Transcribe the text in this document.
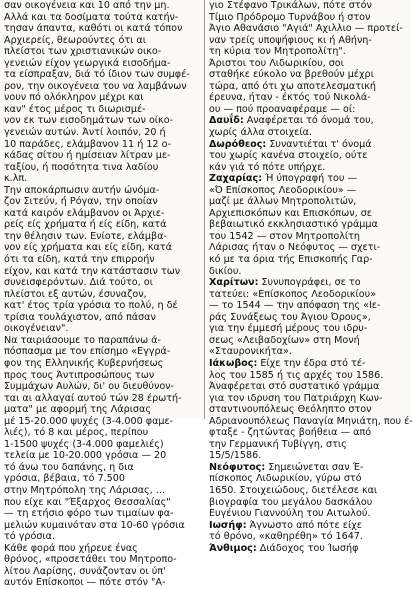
σαν οικογένεια και 10 από την μη.
Αλλά και τα δοσίματα τούτα κατήν-
τησαν άπαντα, καθότι οι κατά τόπον
Αρχιερείς, θεωρούντες ότι αι
πλείστοι των χριστιανικών οικο-
γενειών είχον γεωργικά εισοδήμα-
τα είσπραξαν, διά τό ίδιον των συμφέ-
ρον, την οικογένεια του να λαμβάνων
νουν πό ολόκληρον μέχρι και
καν" έτος μέρος τι διωρισμέ-
νον εκ των εισοδημάτων των οίκο-
γενειών αυτών. Άντί λοιπόν, 20 ή
10 παράδες, ελάμβανον 11 ή 12 ο-
κάδας σίτου ή ημίσειαν λίτραν με-
ταξίου, ή ποσότητα τινα λαδίου
κ.λπ.
Την αποκάρπωσιν αυτήν ώνόμα-
ζον Σιτεύν, ή Ρόγαν, την οποίαν
κατά καιρόν ελάμβανον οι Άρχιε-
ρείς είς χρήματα ή είς είδη, κατά
την θέλησιν των. Ενίοτε, ελάμβα-
νον είς χρήματα και είς είδη, κατά
ότι τα είδη, κατά την επιρροήν
είχον, και κατά την κατάστασιν των
συνεισφερόντων. Διά τούτο, οι
πλείστοι εξ αυτών, έσυναζον,
κατ' έτος τρία γρόσια το πολύ, η δέ
τρίσια τουλάχιστον, από πάσαν
οικογένειαν".
Να ταιριάσουμε το παραπάνω ά-
πόσπασμα με τον επίσημο «Εγγρά-
φον της Ελληνικής Κυβερνήσεως
προς τους Άντιπροσώπους των
Συμμάχων Αυλών, δι' ου διευθύνον-
ται αι αλλαγαί αυτού τών 28 έρωτή-
ματα" με αφορμή της Λάρισας
μέ 15-20.000 ψυχές (3-4.000 φαμε-
λιές), τό 8 και μέρος, περίπου
1-1500 ψυχές (3-4.000 φαμελιές)
τελεία με 10-20.000 γρόσια — 20
τό άνω του δαπάνης, η δια
γρόσια, βέβαια, τό 7.500
στην Μητρόπολη της Λάρισας, ...
που είχε και "Έξαρχος Θεσσαλίας"
— τη ετήσιο φόρο των τιμαίων φα-
μελιών κυμαινόταν στα 10-60 γρόσια
τό γρόσια.
Κάθε φορά που χήρευε ένας
θρόνος, «προσετάθει του Μητροπο-
λίτου Λαρίσης, συνάζονταν οι ύπ'
αυτόν Επίσκοποι — πότε στόν "Α-
γιο Στέφανο Τρικάλων, πότε στόν
Τίμιο Πρόδρομο Τυρνάβου ή στον
Άγιο Αθανάσιο "Αγιά" Αχιλλιο — προτεί-
ναν τρείς υποψήφιους κι ή Αθήνη-
τη κύρια τον Μητροπολίτη".
Άριστοι του Λιδωρικίου, σοι
σταθήκε εύκολο να βρεθούν μέχρι
τώρα, από ότι χω αποτελεσματική
έρευνα, ήταν - έκτός τού Νικολά-
ου — πού προαναφέραμε — οί:
Δαυΐδ: Αναφέρεται τό όνομά του,
χωρίς άλλα στοιχεία.
Δωρόθεος: Συναντιέται τ' όνομά
του χωρίς κανένα στοιχείο, ούτε
κάν γιά τό πότε υπήρχε.
Ζαχαρίας: Ή ύπογραφή του —
«Ό Επίσκοπος Λεοδορικίου» —
μαζί με άλλων Μητροπολιτών,
Αρχιεπισκόπων και Επισκόπων, σε
βεβαιωτικό εκκλησιαστικό γράμμα
του 1542 — στον Μητροπολίτη
Λάρισας ήταν ο Νεόφυτος — σχετι-
κό με τα όρια τής Επισκοπής Γαρ-
δικίου.
Χαρίτων: Συνυπογράφει, σε το
τατεύει: «Επίσκοπος Λεοδορικίου»
— το 1544 — την απόφαση της «Ιε-
ράς Συνάξεως του Άγιου Όρους»,
για την έμμεσή μέρους του ιδρυ-
σεως «Λειβαδοχίων» στη Μονή
«Σταυρονικήτα».
Ιάκωβος: Είχε την έδρα στό τέ-
λος του 1585 ή τις αρχές του 1586.
Άναφέρεται στό συστατικό γράμμα
για τον ιδρυση του Πατριάρχη Κων-
σταντινουπόλεως Θεόληπτο στον
Αδριανουπόλεως Παναγία Μηνιάτη, που έ-
φταξε - ζητώντας βοήθεια — από
την Γερμανική Τυβίγγη, στις
15/5/1586.
Νεόφυτος: Σημειώνεται σαν Έ-
πίσκοπος Λιδωρικίου, γύρω στό
1650. Στοιχειώδους, διετέλεσε και
βιογραφία του μεγάλου δασκάλου
Ευγένιου Γιαννούλη του Αιτωλού.
Ιωσήφ: Άγνωστο από πότε είχε
τό θρόνο, «καθηρέθη» τό 1647.
Άνθιμος: Διάδοχος του Ίωσήφ
